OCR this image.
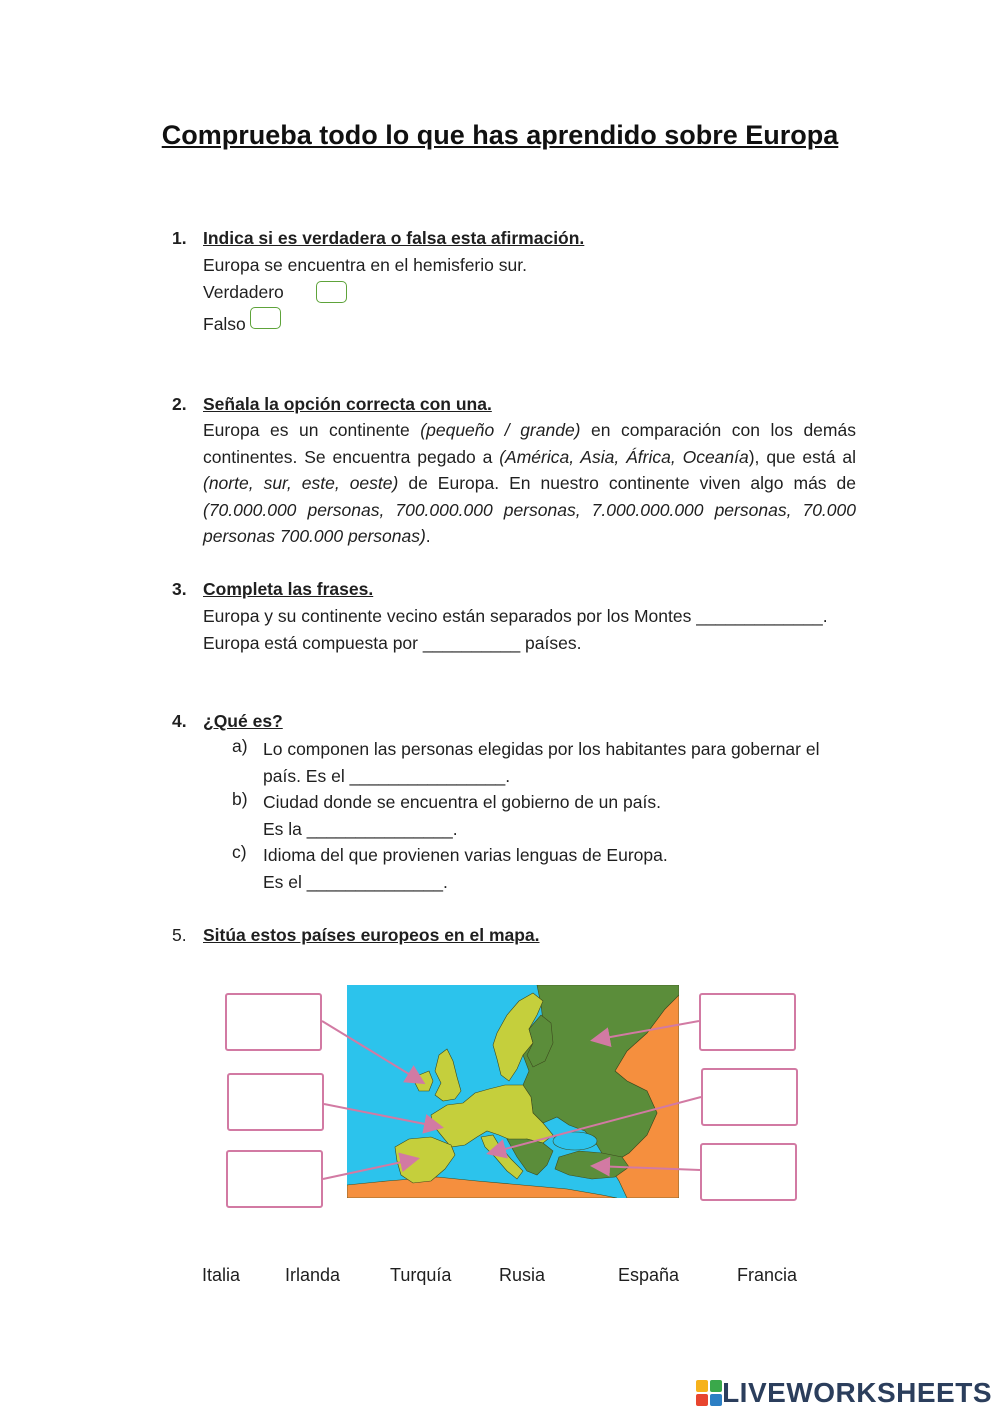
Comprueba todo lo que has aprendido sobre Europa
1. Indica si es verdadera o falsa esta afirmación.
Europa se encuentra en el hemisferio sur.
Verdadero
Falso
2. Señala la opción correcta con una.
Europa es un continente (pequeño / grande) en comparación con los demás continentes. Se encuentra pegado a (América, Asia, África, Oceanía), que está al (norte, sur, este, oeste) de Europa. En nuestro continente viven algo más de (70.000.000 personas, 700.000.000 personas, 7.000.000.000 personas, 70.000 personas 700.000 personas).
3. Completa las frases.
Europa y su continente vecino están separados por los Montes _____________.
Europa está compuesta por __________ países.
4. ¿Qué es?
a) Lo componen las personas elegidas por los habitantes para gobernar el
país. Es el ________________.
b) Ciudad donde se encuentra el gobierno de un país.
Es la _______________.
c) Idioma del que provienen varias lenguas de Europa.
Es el ______________.
5. Sitúa estos países europeos en el mapa.
Italia Irlanda	Turquía	Rusia	España	Francia
LIVEWORKSHEETS
